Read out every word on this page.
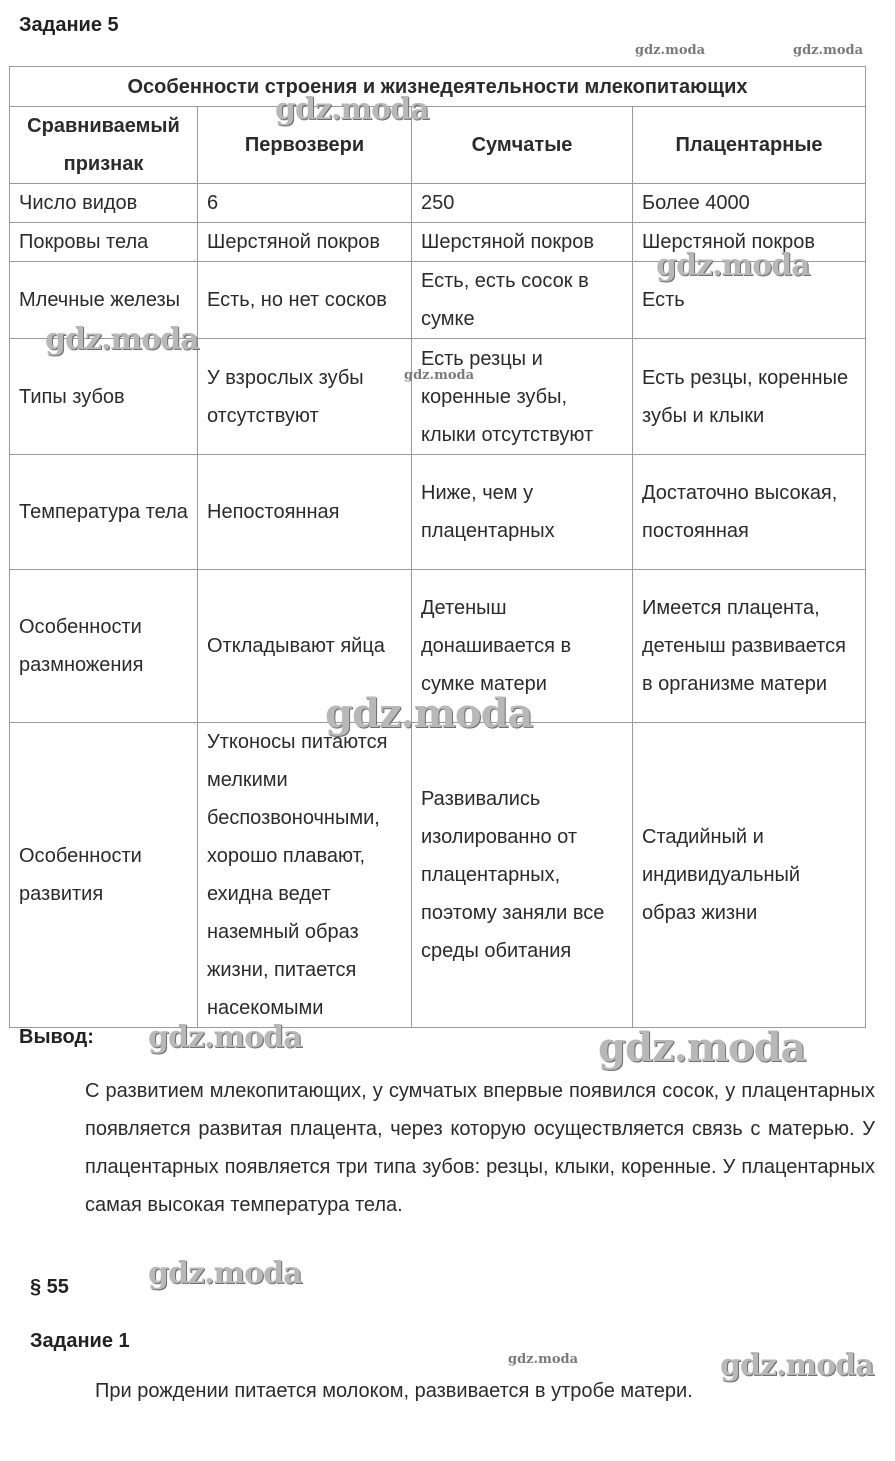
Задание 5
Особенности строения и жизнедеятельности млекопитающих			
Сравниваемый признак	Первозвери	Сумчатые	Плацентарные
Число видов	6	250	Более 4000
Покровы тела	Шерстяной покров	Шерстяной покров	Шерстяной покров
Млечные железы	Есть, но нет сосков	Есть, есть сосок в сумке	Есть
Типы зубов	У взрослых зубы отсутствуют	Есть резцы и коренные зубы, клыки отсутствуют	Есть резцы, коренные зубы и клыки
Температура тела	Непостоянная	Ниже, чем у плацентарных	Достаточно высокая, постоянная
Особенности размножения	Откладывают яйца	Детеныш донашивается в сумке матери	Имеется плацента, детеныш развивается в организме матери
Особенности развития	Утконосы питаются мелкими беспозвоночными, хорошо плавают, ехидна ведет наземный образ жизни, питается насекомыми	Развивались изолированно от плацентарных, поэтому заняли все среды обитания	Стадийный и индивидуальный образ жизни
Вывод:
С развитием млекопитающих, у сумчатых впервые появился сосок, у плацентарных появляется развитая плацента, через которую осуществляется связь с матерью. У плацентарных появляется три типа зубов: резцы, клыки, коренные. У плацентарных самая высокая температура тела.
§ 55
Задание 1
При рождении питается молоком, развивается в утробе матери.
gdz.moda	gdz.moda
gdz.moda
gdz.moda
gdz.moda
gdz.moda
gdz.moda
gdz.moda	gdz.moda
gdz.moda
gdz.moda	gdz.moda
